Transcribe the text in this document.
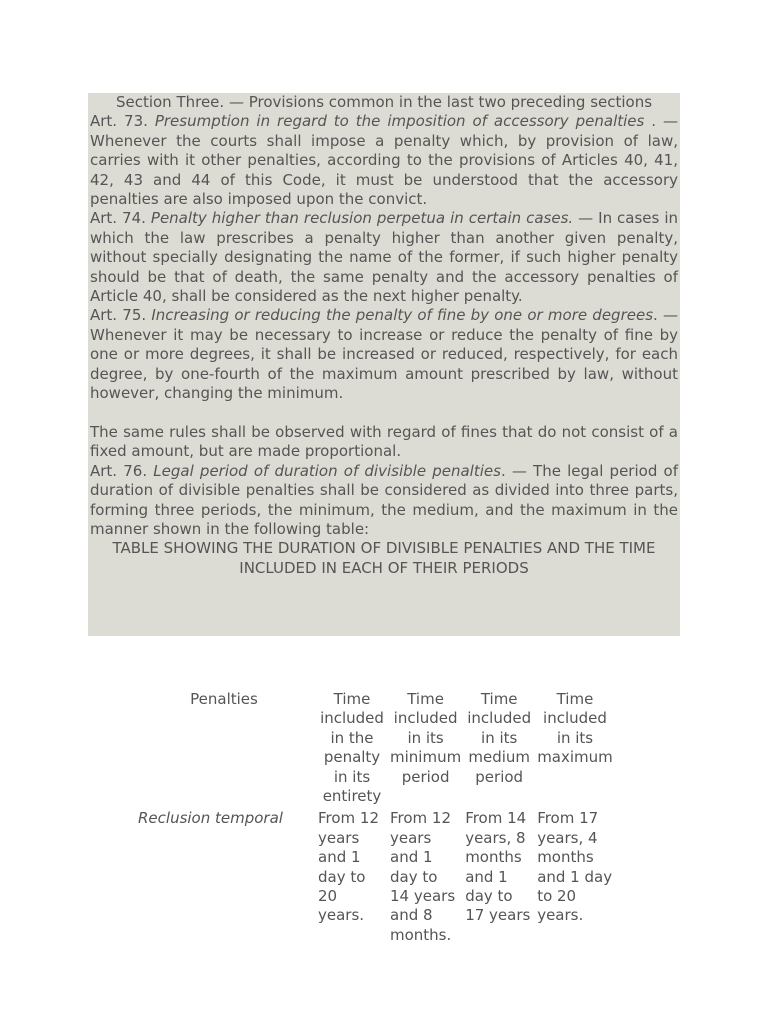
Section Three. — Provisions common in the last two preceding sections

Art. 73. Presumption in regard to the imposition of accessory penalties . — Whenever the courts shall impose a penalty which, by provision of law, carries with it other penalties, according to the provisions of Articles 40, 41, 42, 43 and 44 of this Code, it must be understood that the accessory penalties are also imposed upon the convict.

Art. 74. Penalty higher than reclusion perpetua in certain cases. — In cases in which the law prescribes a penalty higher than another given penalty, without specially designating the name of the former, if such higher penalty should be that of death, the same penalty and the accessory penalties of Article 40, shall be considered as the next higher penalty.

Art. 75. Increasing or reducing the penalty of fine by one or more degrees. — Whenever it may be necessary to increase or reduce the penalty of fine by one or more degrees, it shall be increased or reduced, respectively, for each degree, by one-fourth of the maximum amount prescribed by law, without however, changing the minimum.

The same rules shall be observed with regard of fines that do not consist of a fixed amount, but are made proportional.

Art. 76. Legal period of duration of divisible penalties. — The legal period of duration of divisible penalties shall be considered as divided into three parts, forming three periods, the minimum, the medium, and the maximum in the manner shown in the following table:

TABLE SHOWING THE DURATION OF DIVISIBLE PENALTIES AND THE TIME INCLUDED IN EACH OF THEIR PERIODS

Penalties	Time included in the penalty in its entirety	Time included in its minimum period	Time included in its medium period	Time included in its maximum
Reclusion temporal	From 12 years and 1 day to 20 years.	From 12 years and 1 day to 14 years and 8 months.	From 14 years, 8 months and 1 day to 17 years	From 17 years, 4 months and 1 day to 20 years.
